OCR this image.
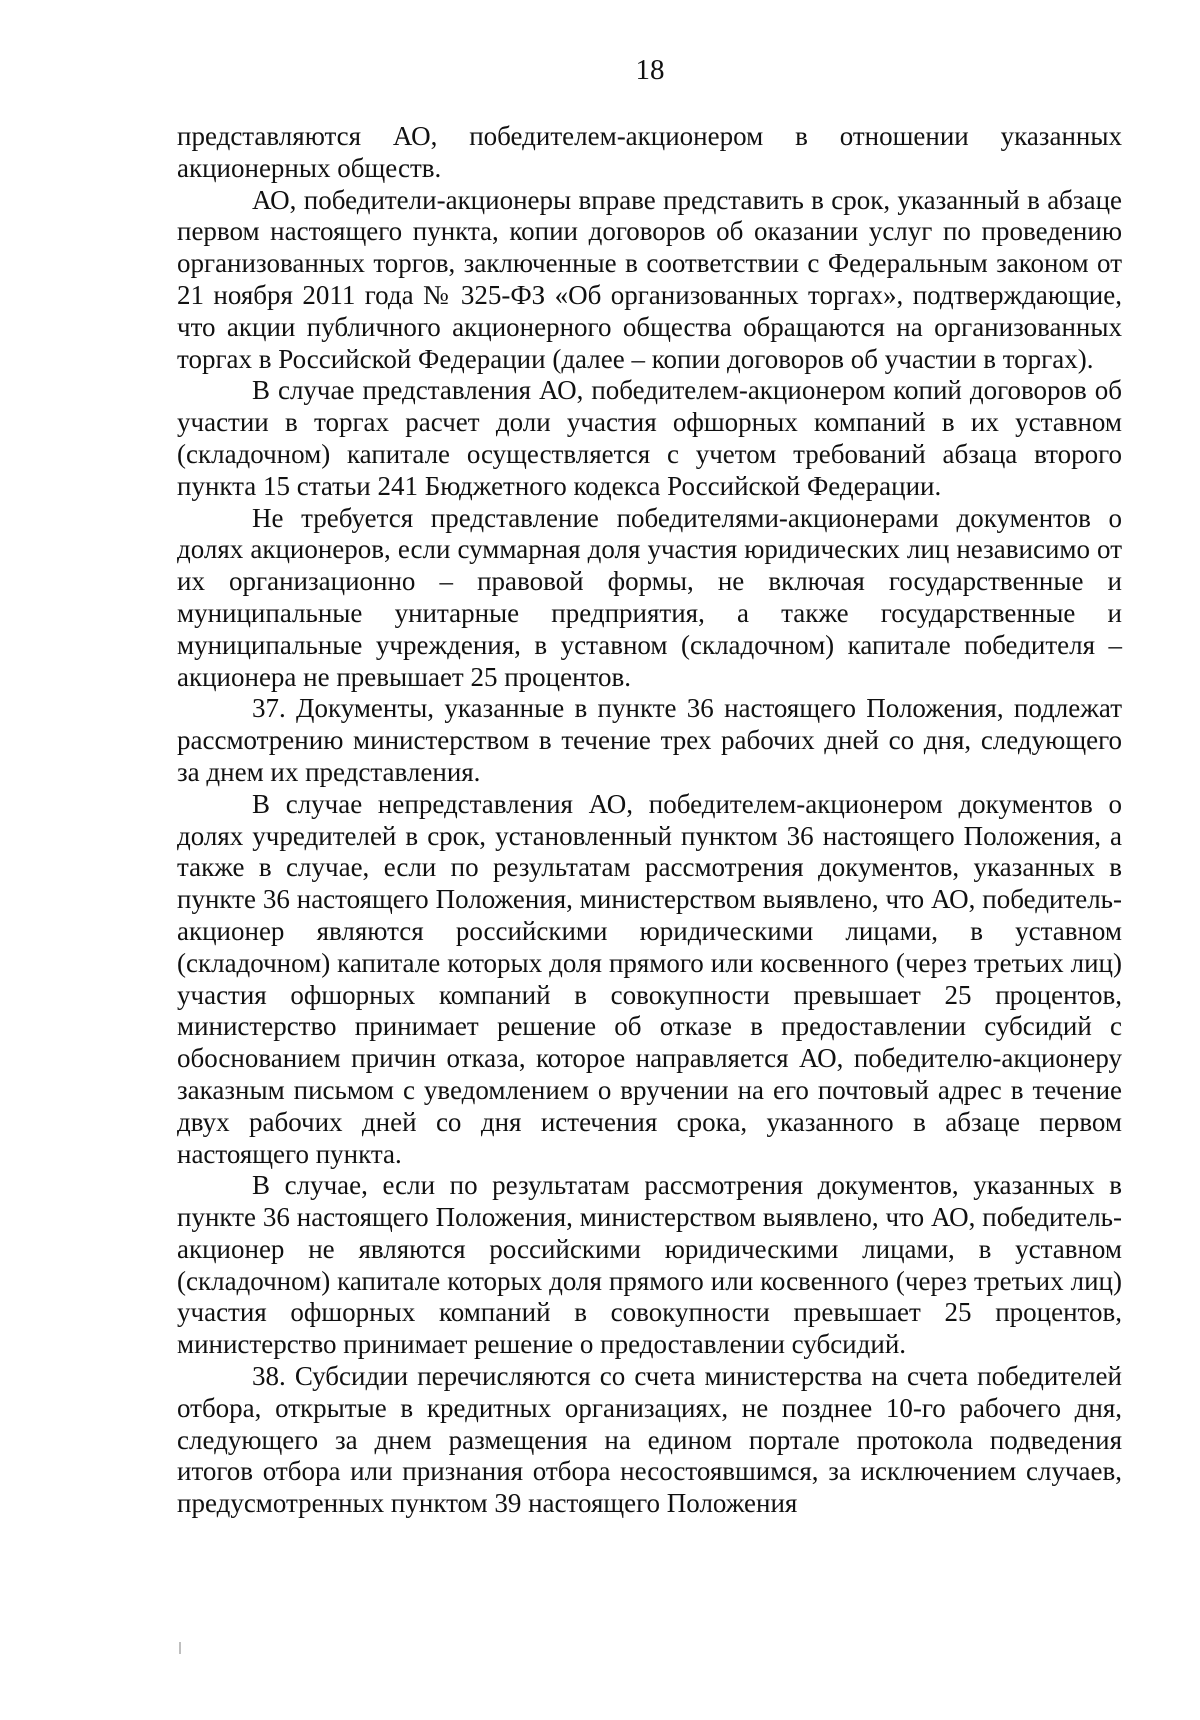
18

представляются АО, победителем-акционером в отношении указанных акционерных обществ.

АО, победители-акционеры вправе представить в срок, указанный в абзаце первом настоящего пункта, копии договоров об оказании услуг по проведению организованных торгов, заключенные в соответствии с Федеральным законом от 21 ноября 2011 года № 325-ФЗ «Об организованных торгах», подтверждающие, что акции публичного акционерного общества обращаются на организованных торгах в Российской Федерации (далее – копии договоров об участии в торгах).

В случае представления АО, победителем-акционером копий договоров об участии в торгах расчет доли участия офшорных компаний в их уставном (складочном) капитале осуществляется с учетом требований абзаца второго пункта 15 статьи 241 Бюджетного кодекса Российской Федерации.

Не требуется представление победителями-акционерами документов о долях акционеров, если суммарная доля участия юридических лиц независимо от их организационно – правовой формы, не включая государственные и муниципальные унитарные предприятия, а также государственные и муниципальные учреждения, в уставном (складочном) капитале победителя – акционера не превышает 25 процентов.

37. Документы, указанные в пункте 36 настоящего Положения, подлежат рассмотрению министерством в течение трех рабочих дней со дня, следующего за днем их представления.

В случае непредставления АО, победителем-акционером документов о долях учредителей в срок, установленный пунктом 36 настоящего Положения, а также в случае, если по результатам рассмотрения документов, указанных в пункте 36 настоящего Положения, министерством выявлено, что АО, победитель-акционер являются российскими юридическими лицами, в уставном (складочном) капитале которых доля прямого или косвенного (через третьих лиц) участия офшорных компаний в совокупности превышает 25 процентов, министерство принимает решение об отказе в предоставлении субсидий с обоснованием причин отказа, которое направляется АО, победителю-акционеру заказным письмом с уведомлением о вручении на его почтовый адрес в течение двух рабочих дней со дня истечения срока, указанного в абзаце первом настоящего пункта.

В случае, если по результатам рассмотрения документов, указанных в пункте 36 настоящего Положения, министерством выявлено, что АО, победитель-акционер не являются российскими юридическими лицами, в уставном (складочном) капитале которых доля прямого или косвенного (через третьих лиц) участия офшорных компаний в совокупности превышает 25 процентов, министерство принимает решение о предоставлении субсидий.

38. Субсидии перечисляются со счета министерства на счета победителей отбора, открытые в кредитных организациях, не позднее 10-го рабочего дня, следующего за днем размещения на едином портале протокола подведения итогов отбора или признания отбора несостоявшимся, за исключением случаев, предусмотренных пунктом 39 настоящего Положения
